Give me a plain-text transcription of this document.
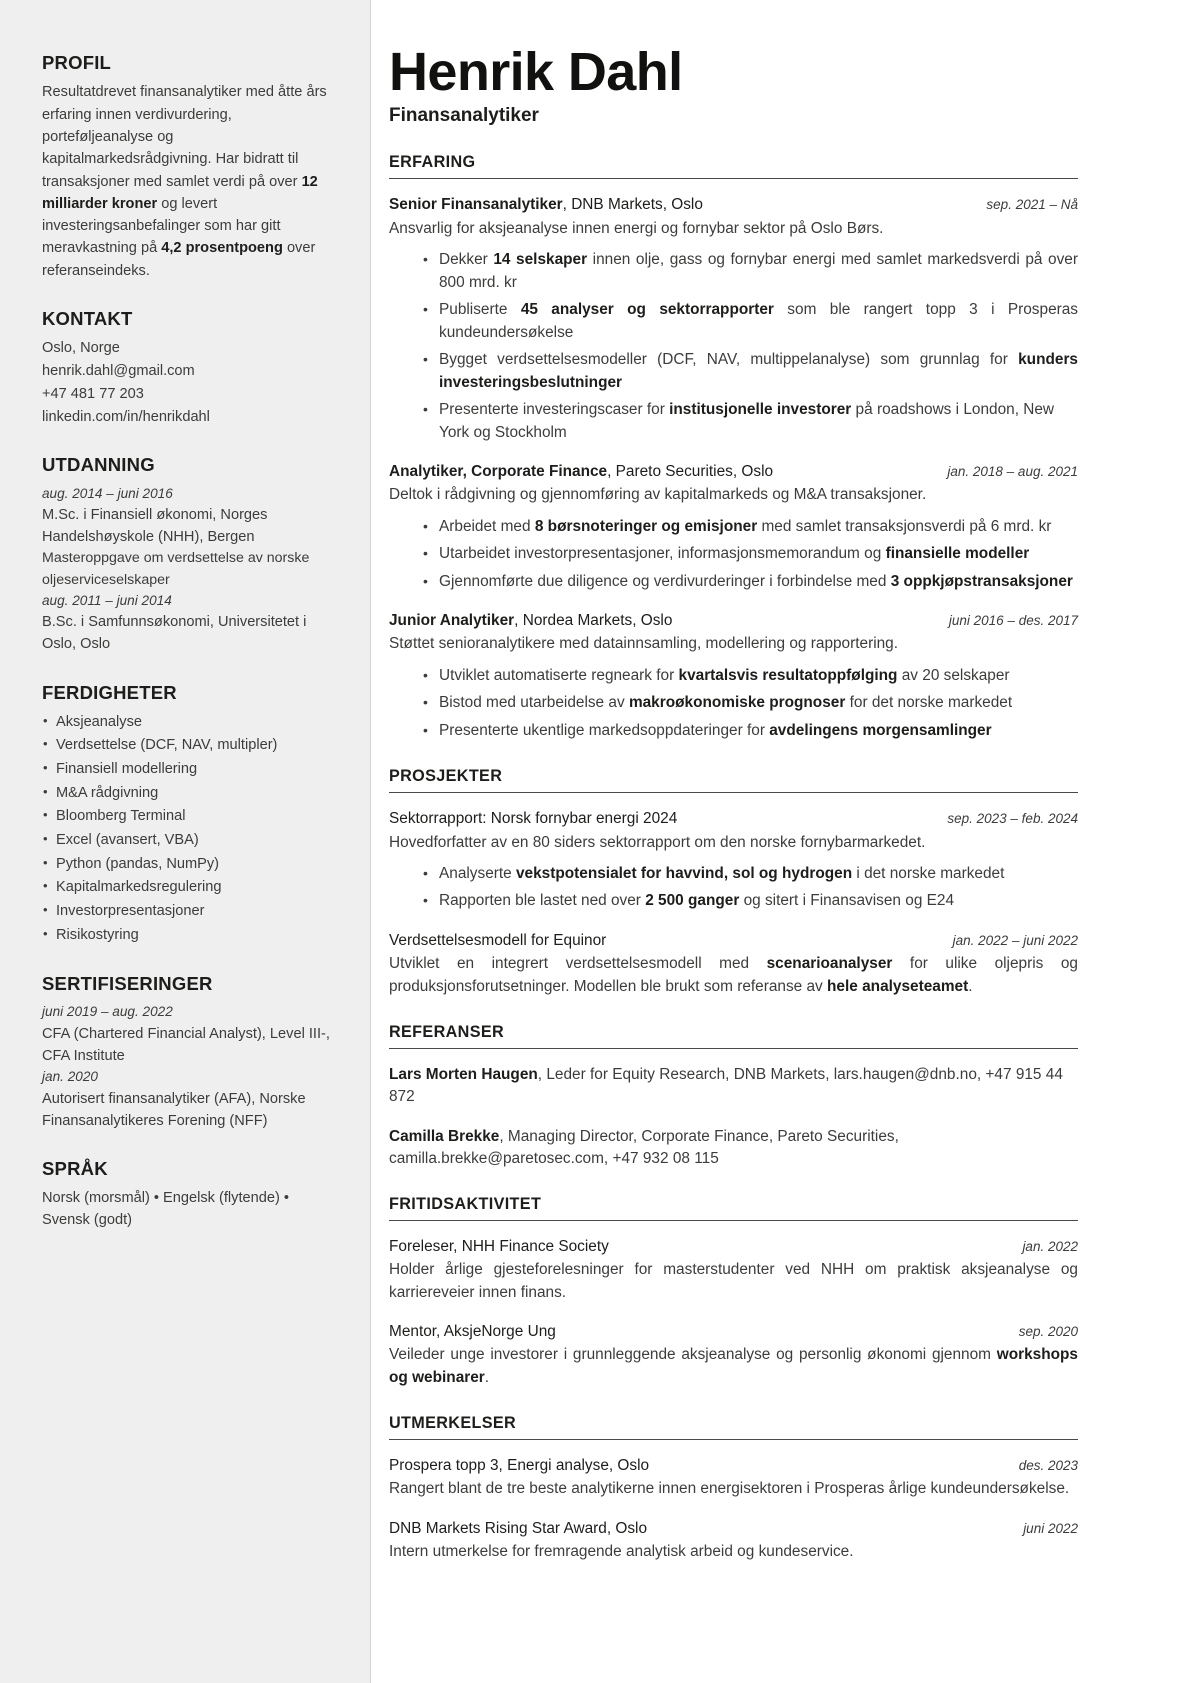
PROFIL

Resultatdrevet finansanalytiker med åtte års erfaring innen verdivurdering, porteføljeanalyse og kapitalmarkedsrådgivning. Har bidratt til transaksjoner med samlet verdi på over 12 milliarder kroner og levert investeringsanbefalinger som har gitt meravkastning på 4,2 prosentpoeng over referanseindeks.

KONTAKT
Oslo, Norge
henrik.dahl@gmail.com
+47 481 77 203
linkedin.com/in/henrikdahl
UTDANNING
aug. 2014 – juni 2016
M.Sc. i Finansiell økonomi, Norges Handelshøyskole (NHH), Bergen
Masteroppgave om verdsettelse av norske oljeserviceselskaper
aug. 2011 – juni 2014
B.Sc. i Samfunnsøkonomi, Universitetet i Oslo, Oslo
FERDIGHETER
• Aksjeanalyse
• Verdsettelse (DCF, NAV, multipler)
• Finansiell modellering
• M&A rådgivning
• Bloomberg Terminal
• Excel (avansert, VBA)
• Python (pandas, NumPy)
• Kapitalmarkedsregulering
• Investorpresentasjoner
• Risikostyring
SERTIFISERINGER
juni 2019 – aug. 2022
CFA (Chartered Financial Analyst), Level III-, CFA Institute
jan. 2020
Autorisert finansanalytiker (AFA), Norske Finansanalytikeres Forening (NFF)
SPRÅK
Norsk (morsmål) • Engelsk (flytende) • Svensk (godt)
Henrik Dahl
Finansanalytiker
ERFARING
Senior Finansanalytiker, DNB Markets, Oslo	sep. 2021 – Nå

Ansvarlig for aksjeanalyse innen energi og fornybar sektor på Oslo Børs.

• Dekker 14 selskaper innen olje, gass og fornybar energi med samlet markedsverdi på over 800 mrd. kr
• Publiserte 45 analyser og sektorrapporter som ble rangert topp 3 i Prosperas kundeundersøkelse
• Bygget verdsettelsesmodeller (DCF, NAV, multippelanalyse) som grunnlag for kunders investeringsbeslutninger
• Presenterte investeringscaser for institusjonelle investorer på roadshows i London, New York og Stockholm
Analytiker, Corporate Finance, Pareto Securities, Oslo	jan. 2018 – aug. 2021

Deltok i rådgivning og gjennomføring av kapitalmarkeds og M&A transaksjoner.

• Arbeidet med 8 børsnoteringer og emisjoner med samlet transaksjonsverdi på 6 mrd. kr
• Utarbeidet investorpresentasjoner, informasjonsmemorandum og finansielle modeller
• Gjennomførte due diligence og verdivurderinger i forbindelse med 3 oppkjøpstransaksjoner
Junior Analytiker, Nordea Markets, Oslo	juni 2016 – des. 2017

Støttet senioranalytikere med datainnsamling, modellering og rapportering.

• Utviklet automatiserte regneark for kvartalsvis resultatoppfølging av 20 selskaper
• Bistod med utarbeidelse av makroøkonomiske prognoser for det norske markedet
• Presenterte ukentlige markedsoppdateringer for avdelingens morgensamlinger
PROSJEKTER
Sektorrapport: Norsk fornybar energi 2024	sep. 2023 – feb. 2024

Hovedforfatter av en 80 siders sektorrapport om den norske fornybarmarkedet.

• Analyserte vekstpotensialet for havvind, sol og hydrogen i det norske markedet
• Rapporten ble lastet ned over 2 500 ganger og sitert i Finansavisen og E24
Verdsettelsesmodell for Equinor	jan. 2022 – juni 2022

Utviklet en integrert verdsettelsesmodell med scenarioanalyser for ulike oljepris og produksjonsforutsetninger. Modellen ble brukt som referanse av hele analyseteamet.

REFERANSER

Lars Morten Haugen, Leder for Equity Research, DNB Markets, lars.haugen@dnb.no, +47 915 44 872

Camilla Brekke, Managing Director, Corporate Finance, Pareto Securities, camilla.brekke@paretosec.com, +47 932 08 115

FRITIDSAKTIVITET
Foreleser, NHH Finance Society	jan. 2022

Holder årlige gjesteforelesninger for masterstudenter ved NHH om praktisk aksjeanalyse og karriereveier innen finans.

Mentor, AksjeNorge Ung	sep. 2020

Veileder unge investorer i grunnleggende aksjeanalyse og personlig økonomi gjennom workshops og webinarer.

UTMERKELSER
Prospera topp 3, Energi analyse, Oslo	des. 2023

Rangert blant de tre beste analytikerne innen energisektoren i Prosperas årlige kundeundersøkelse.

DNB Markets Rising Star Award, Oslo	juni 2022

Intern utmerkelse for fremragende analytisk arbeid og kundeservice.
